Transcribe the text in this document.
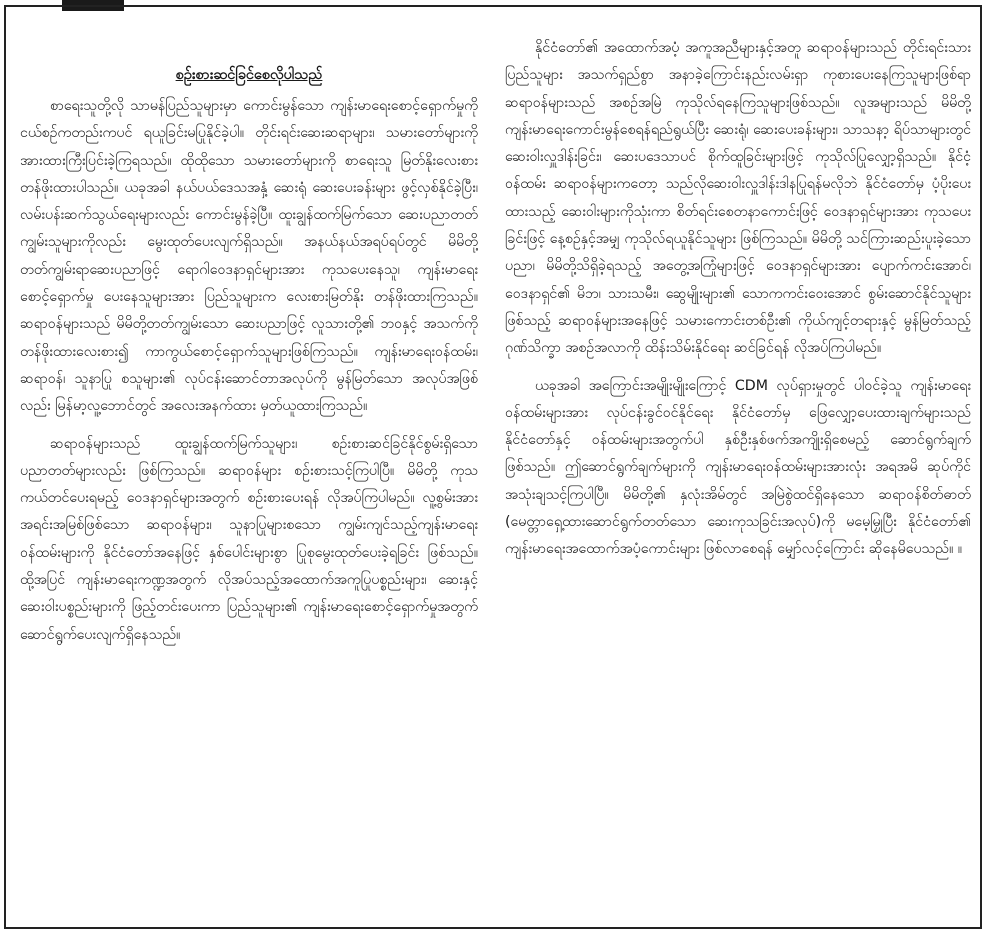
စဉ်းစားဆင်ခြင်စေလိုပါသည်

စာရေးသူတို့လို သာမန်ပြည်သူများမှာ ကောင်းမွန်သော ကျန်းမာရေးစောင့်ရှောက်မှုကို ငယ်စဉ်ကတည်းကပင် ရယူခြင်းမပြုနိုင်ခဲ့ပါ။ တိုင်းရင်းဆေးဆရာများ၊ သမားတော်များကို အားထားကြီးပြင်းခဲ့ကြရသည်။ ထိုထိုသော သမားတော်များကို စာရေးသူ မြတ်နိုးလေးစားတန်ဖိုးထားပါသည်။ ယခုအခါ နယ်ပယ်ဒေသအနှံ့ ဆေးရုံ ဆေးပေးခန်းများ ဖွင့်လှစ်နိုင်ခဲ့ပြီး၊ လမ်းပန်းဆက်သွယ်ရေးများလည်း ကောင်းမွန်ခဲ့ပြီ။ ထူးချွန်ထက်မြက်သော ဆေးပညာတတ်ကျွမ်းသူများကိုလည်း မွေးထုတ်ပေးလျက်ရှိသည်။ အနယ်နယ်အရပ်ရပ်တွင် မိမိတို့ တတ်ကျွမ်းရာဆေးပညာဖြင့် ရောဂါဝေဒနာရှင်များအား ကုသပေးနေသူ၊ ကျန်းမာရေးစောင့်ရှောက်မှု ပေးနေသူများအား ပြည်သူများက လေးစားမြတ်နိုး တန်ဖိုးထားကြသည်။ ဆရာဝန်များသည် မိမိတို့တတ်ကျွမ်းသော ဆေးပညာဖြင့် လူသားတို့၏ ဘဝနှင့် အသက်ကို တန်ဖိုးထားလေးစား၍ ကာကွယ်စောင့်ရှောက်သူများဖြစ်ကြသည်။ ကျန်းမာရေးဝန်ထမ်း၊ ဆရာဝန်၊ သူနာပြု စသူများ၏ လုပ်ငန်းဆောင်တာအလုပ်ကို မွန်မြတ်သော အလုပ်အဖြစ်လည်း မြန်မာ့လူ့ဘောင်တွင် အလေးအနက်ထား မှတ်ယူထားကြသည်။

ဆရာဝန်များသည် ထူးချွန်ထက်မြက်သူများ၊ စဉ်းစားဆင်ခြင်နိုင်စွမ်းရှိသော ပညာတတ်များလည်း ဖြစ်ကြသည်။ ဆရာဝန်များ စဉ်းစားသင့်ကြပါပြီ။ မိမိတို့ ကုသကယ်တင်ပေးရမည့် ဝေဒနာရှင်များအတွက် စဉ်းစားပေးရန် လိုအပ်ကြပါမည်။ လူ့စွမ်းအားအရင်းအမြစ်ဖြစ်သော ဆရာဝန်များ၊ သူနာပြုများစသော ကျွမ်းကျင်သည့်ကျန်းမာရေးဝန်ထမ်းများကို နိုင်ငံတော်အနေဖြင့် နှစ်ပေါင်းများစွာ ပြုစုမွေးထုတ်ပေးခဲ့ရခြင်း ဖြစ်သည်။ ထို့အပြင် ကျန်းမာရေးကဏ္ဍအတွက် လိုအပ်သည့်အထောက်အကူပြုပစ္စည်းများ၊ ဆေးနှင့် ဆေးဝါးပစ္စည်းများကို ဖြည့်တင်းပေးကာ ပြည်သူများ၏ ကျန်းမာရေးစောင့်ရှောက်မှုအတွက် ဆောင်ရွက်ပေးလျက်ရှိနေသည်။

နိုင်ငံတော်၏ အထောက်အပံ့ အကူအညီများနှင့်အတူ ဆရာဝန်များသည် တိုင်းရင်းသားပြည်သူများ အသက်ရှည်စွာ အနာခဲ့ကြောင်းနည်းလမ်းရှာ ကုစားပေးနေကြသူများဖြစ်ရာ ဆရာဝန်များသည် အစဉ်အမြဲ ကုသိုလ်ရနေကြသူများဖြစ်သည်။ လူအများသည် မိမိတို့ ကျန်းမာရေးကောင်းမွန်စေရန်ရည်ရွယ်ပြီး ဆေးရုံ၊ ဆေးပေးခန်းများ၊ သာသနာ့ ရိပ်သာများတွင် ဆေးဝါးလှူဒါန်းခြင်း၊ ဆေးပဒေသာပင် စိုက်ထူခြင်းများဖြင့် ကုသိုလ်ပြုလျှော့ရှိသည်။ နိုင်ငံ့ဝန်ထမ်း ဆရာဝန်များကတော့ သည်လိုဆေးဝါးလှူဒါန်းဒါနပြုရန်မလိုဘဲ နိုင်ငံတော်မှ ပံ့ပိုးပေးထားသည့် ဆေးဝါးများကိုသုံးကာ စိတ်ရင်းစေတနာကောင်းဖြင့် ဝေဒနာရှင်များအား ကုသပေးခြင်းဖြင့် နေ့စဉ်နှင့်အမျှ ကုသိုလ်ရယူနိုင်သူများ ဖြစ်ကြသည်။ မိမိတို့ သင်ကြားဆည်းပူးခဲ့သော ပညာ၊ မိမိတို့သိရှိခဲ့ရသည့် အတွေ့အကြုံများဖြင့် ဝေဒနာရှင်များအား ပျောက်ကင်းအောင်၊ ဝေဒနာရှင်၏ မိဘ၊ သားသမီး၊ ဆွေမျိုးများ၏ သောကကင်းဝေးအောင် စွမ်းဆောင်နိုင်သူများဖြစ်သည့် ဆရာဝန်များအနေဖြင့် သမားကောင်းတစ်ဦး၏ ကိုယ်ကျင့်တရားနှင့် မွန်မြတ်သည့် ဂုဏ်သိက္ခာ အစဉ်အလာကို ထိန်းသိမ်းနိုင်ရေး ဆင်ခြင်ရန် လိုအပ်ကြပါမည်။

ယခုအခါ အကြောင်းအမျိုးမျိုးကြောင့် CDM လုပ်ရှားမှုတွင် ပါဝင်ခဲ့သူ ကျန်းမာရေးဝန်ထမ်းများအား လုပ်ငန်းခွင်ဝင်နိုင်ရေး နိုင်ငံတော်မှ ဖြေလျှော့ပေးထားချက်များသည် နိုင်ငံတော်နှင့် ဝန်ထမ်းများအတွက်ပါ နှစ်ဦးနှစ်ဖက်အကျိုးရှိစေမည့် ဆောင်ရွက်ချက်ဖြစ်သည်။ ဤဆောင်ရွက်ချက်များကို ကျန်းမာရေးဝန်ထမ်းများအားလုံး အရအမိ ဆုပ်ကိုင် အသုံးချသင့်ကြပါပြီ။ မိမိတို့၏ နှလုံးအိမ်တွင် အမြဲစွဲထင်ရှိနေသော ဆရာဝန်စိတ်ဓာတ် (မေတ္တာရှေ့ထားဆောင်ရွက်တတ်သော ဆေးကုသခြင်းအလုပ်)ကို မမေ့မြှုပြီး နိုင်ငံတော်၏ ကျန်းမာရေးအထောက်အပံ့ကောင်းများ ဖြစ်လာစေရန် မျှော်လင့်ကြောင်း ဆိုနေမိပေသည်။ ။
